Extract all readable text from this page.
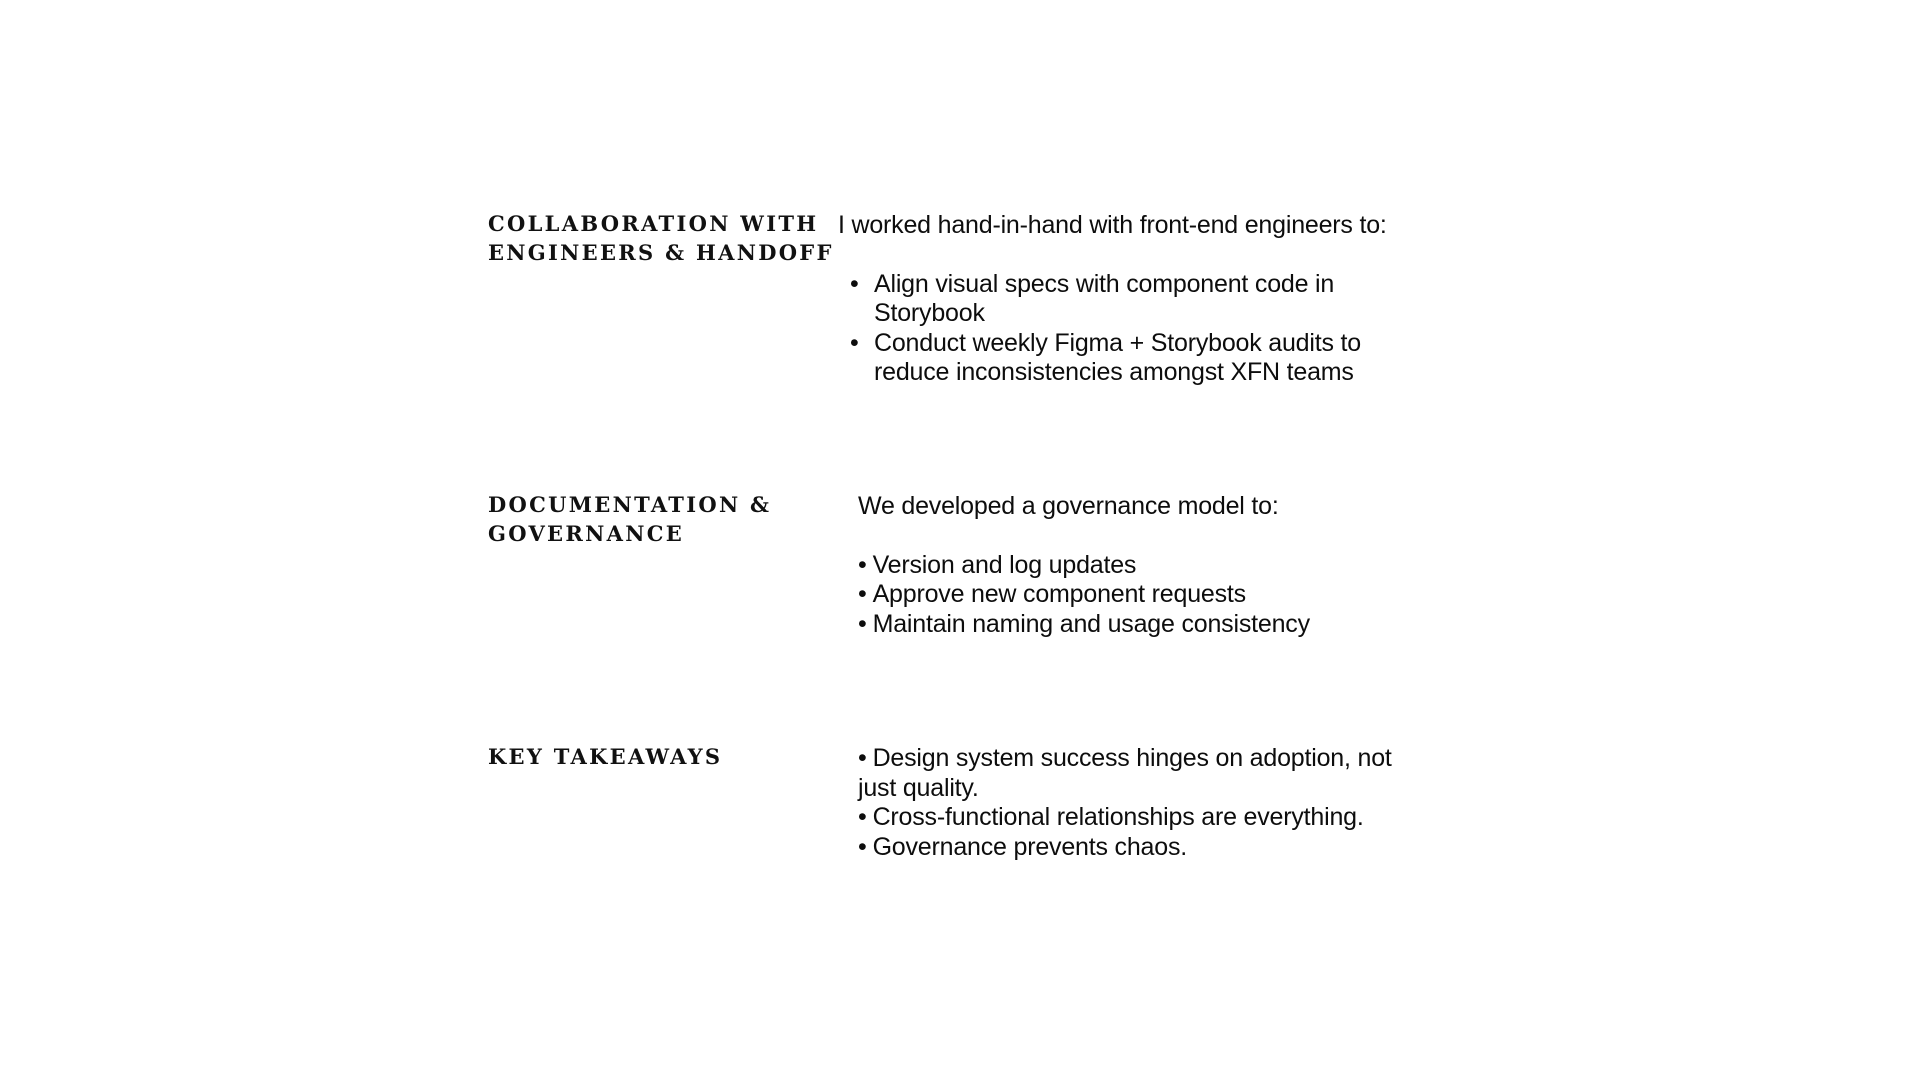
COLLABORATION WITH
ENGINEERS & HANDOFF
I worked hand-in-hand with front-end engineers to:
• Align visual specs with component code in
Storybook
• Conduct weekly Figma + Storybook audits to
reduce inconsistencies amongst XFN teams
DOCUMENTATION &
GOVERNANCE
We developed a governance model to:
• Version and log updates
• Approve new component requests
• Maintain naming and usage consistency
KEY TAKEAWAYS	• Design system success hinges on adoption, not
just quality.
• Cross-functional relationships are everything.
• Governance prevents chaos.
